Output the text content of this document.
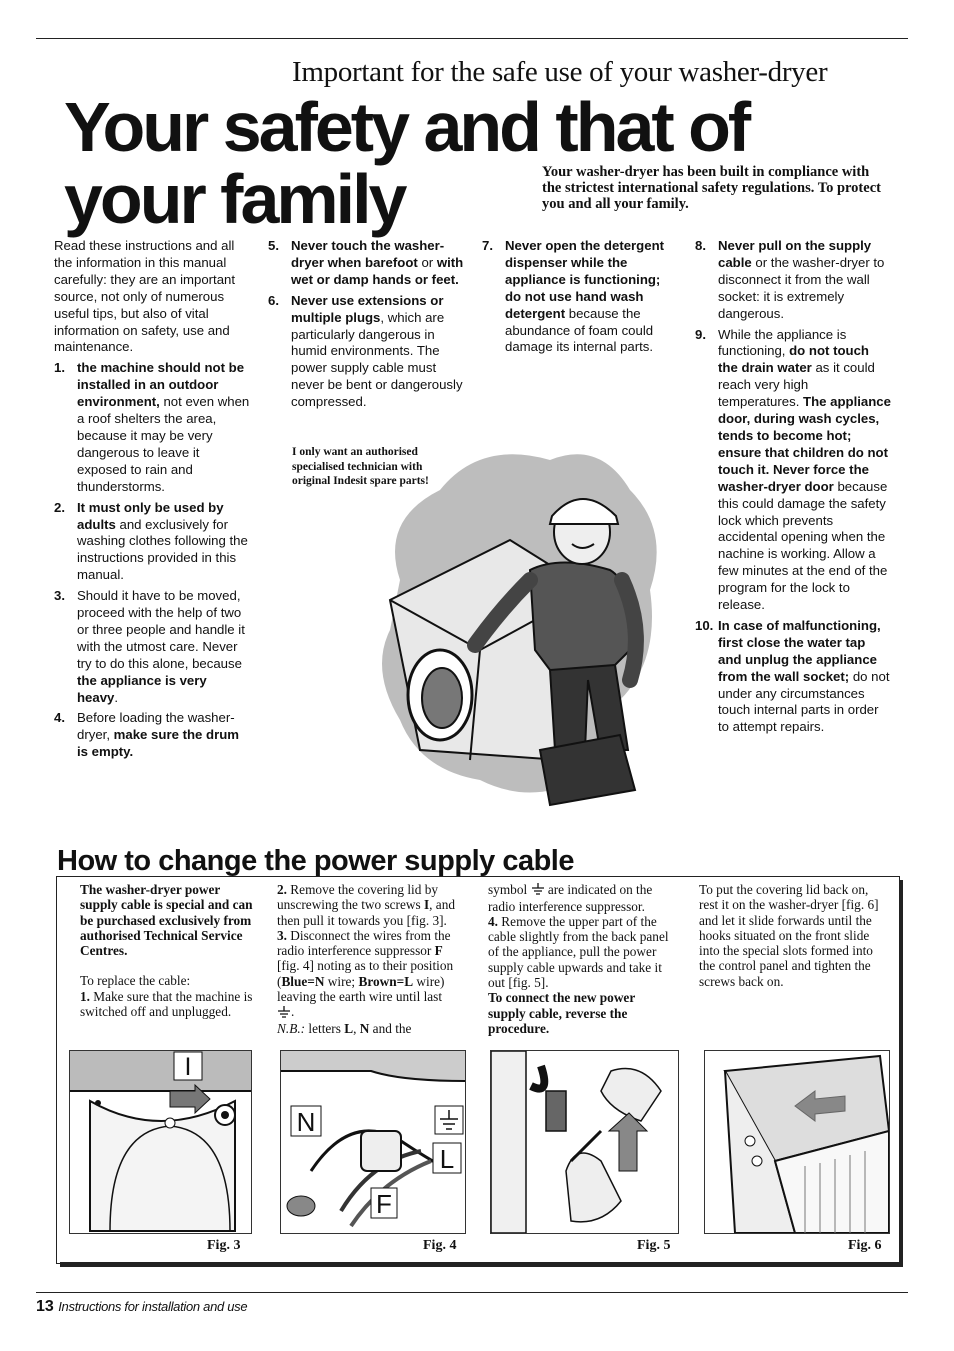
Important for the safe use of your washer-dryer
Your safety and that of
your family	Your washer-dryer has been built in compliance with the strictest international safety regulations. To protect you and all your family.

Read these instructions and all the information in this manual carefully: they are an important source, not only of numerous useful tips, but also of vital information on safety, use and maintenance.

1. the machine should not be installed in an outdoor environment, not even when a roof shelters the area, because it may be very dangerous to leave it exposed to rain and thunderstorms.
2. It must only be used by adults and exclusively for washing clothes following the instructions provided in this manual.
3. Should it have to be moved, proceed with the help of two or three people and handle it with the utmost care. Never try to do this alone, because the appliance is very heavy.
4. Before loading the washer-dryer, make sure the drum is empty.
5. Never touch the washer-dryer when barefoot or with wet or damp hands or feet.
6. Never use extensions or multiple plugs, which are particularly dangerous in humid environments. The power supply cable must never be bent or dangerously compressed.
I only want an authorised specialised technician with original Indesit spare parts!
7. Never open the detergent dispenser while the appliance is functioning; do not use hand wash detergent because the abundance of foam could damage its internal parts.
8. Never pull on the supply cable or the washer-dryer to disconnect it from the wall socket: it is extremely dangerous.
9. While the appliance is functioning, do not touch the drain water as it could reach very high temperatures. The appliance door, during wash cycles, tends to become hot; ensure that children do not touch it. Never force the washer-dryer door because this could damage the safety lock which prevents accidental opening when the nachine is working. Allow a few minutes at the end of the program for the lock to release.
10. In case of malfunctioning, first close the water tap and unplug the appliance from the wall socket; do not under any circumstances touch internal parts in order to attempt repairs.
How to change the power supply cable

The washer-dryer power supply cable is special and can be purchased exclusively from authorised Technical Service Centres.

To replace the cable:

1. Make sure that the machine is switched off and unplugged.

2. Remove the covering lid by unscrewing the two screws I, and then pull it towards you [fig. 3].

3. Disconnect the wires from the radio interference suppressor F [fig. 4] noting as to their position (Blue=N wire; Brown=L wire) leaving the earth wire until last .

N.B.: letters L, N and the

symbol  are indicated on the radio interference suppressor.

4. Remove the upper part of the cable slightly from the back panel of the appliance, pull the power supply cable upwards and take it out [fig. 5].

To connect the new power supply cable, reverse the procedure.

To put the covering lid back on, rest it on the washer-dryer [fig. 6] and let it slide forwards until the hooks situated on the front slide into the special slots formed into the control panel and tighten the screws back on.

I
Fig. 3
N
L
F
Fig. 4	Fig. 5	Fig. 6
13 Instructions for installation and use
